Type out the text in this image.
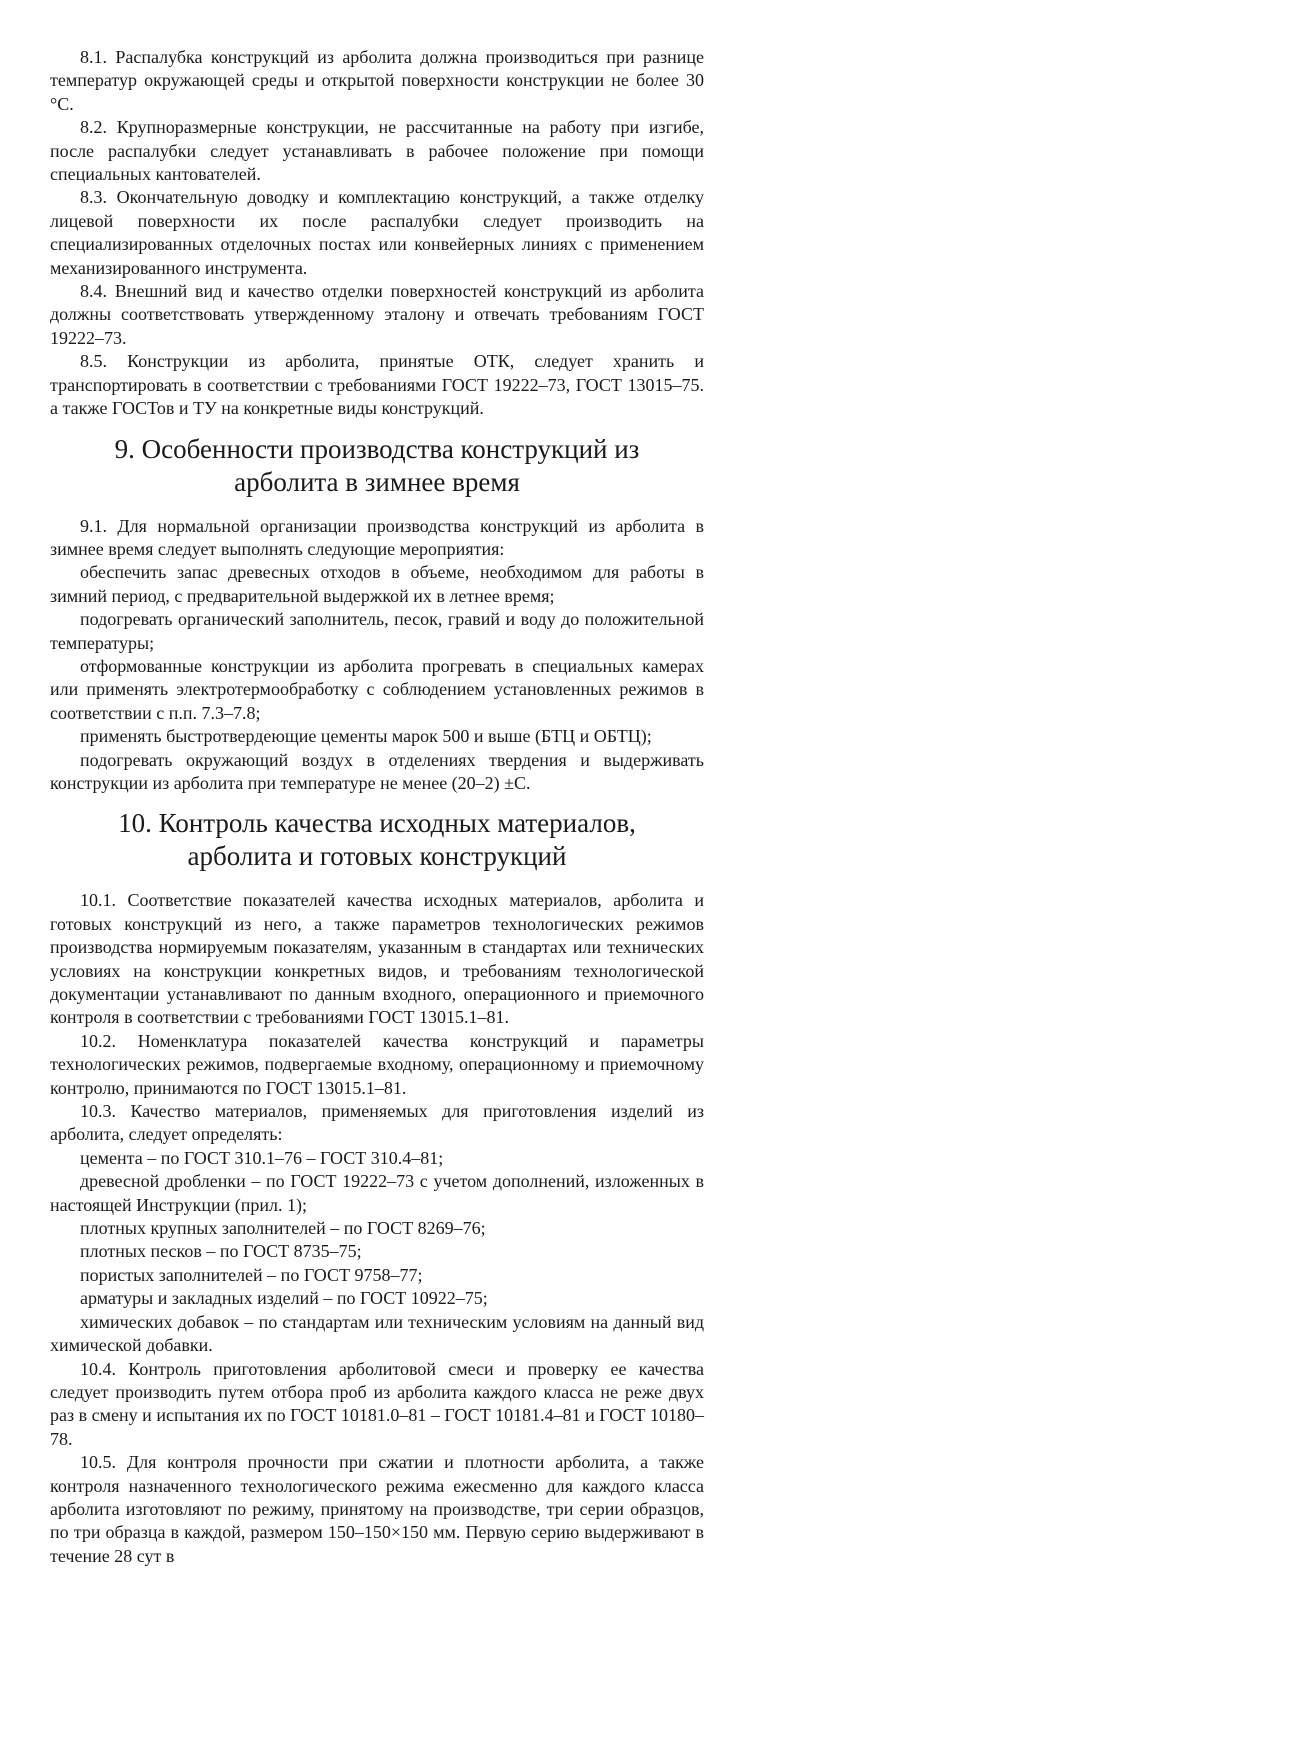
8.1. Распалубка конструкций из арболита должна производиться при разнице температур окружающей среды и открытой поверхности конструкции не более 30 °С.

8.2. Крупноразмерные конструкции, не рассчитанные на работу при изгибе, после распалубки следует устанавливать в рабочее положение при помощи специальных кантователей.

8.3. Окончательную доводку и комплектацию конструкций, а также отделку лицевой поверхности их после распалубки следует производить на специализированных отделочных постах или конвейерных линиях с применением механизированного инструмента.

8.4. Внешний вид и качество отделки поверхностей конструкций из арболита должны соответствовать утвержденному эталону и отвечать требованиям ГОСТ 19222–73.

8.5. Конструкции из арболита, принятые ОТК, следует хранить и транспортировать в соответствии с требованиями ГОСТ 19222–73, ГОСТ 13015–75. а также ГОСТов и ТУ на конкретные виды конструкций.

9. Особенности производства конструкций из
арболита в зимнее время

9.1. Для нормальной организации производства конструкций из арболита в зимнее время следует выполнять следующие мероприятия:

обеспечить запас древесных отходов в объеме, необходимом для работы в зимний период, с предварительной выдержкой их в летнее время;

подогревать органический заполнитель, песок, гравий и воду до положительной температуры;

отформованные конструкции из арболита прогревать в специальных камерах или применять электротермообработку с соблюдением установленных режимов в соответствии с п.п. 7.3–7.8;

применять быстротвердеющие цементы марок 500 и выше (БТЦ и ОБТЦ);

подогревать окружающий воздух в отделениях твердения и выдерживать конструкции из арболита при температуре не менее (20–2) ±С.

10. Контроль качества исходных материалов,
арболита и готовых конструкций

10.1. Соответствие показателей качества исходных материалов, арболита и готовых конструкций из него, а также параметров технологических режимов производства нормируемым показателям, указанным в стандартах или технических условиях на конструкции конкретных видов, и требованиям технологической документации устанавливают по данным входного, операционного и приемочного контроля в соответствии с требованиями ГОСТ 13015.1–81.

10.2. Номенклатура показателей качества конструкций и параметры технологических режимов, подвергаемые входному, операционному и приемочному контролю, принимаются по ГОСТ 13015.1–81.

10.3. Качество материалов, применяемых для приготовления изделий из арболита, следует определять:

цемента – по ГОСТ 310.1–76 – ГОСТ 310.4–81;

древесной дробленки – по ГОСТ 19222–73 с учетом дополнений, изложенных в настоящей Инструкции (прил. 1);

плотных крупных заполнителей – по ГОСТ 8269–76;

плотных песков – по ГОСТ 8735–75;

пористых заполнителей – по ГОСТ 9758–77;

арматуры и закладных изделий – по ГОСТ 10922–75;

химических добавок – по стандартам или техническим условиям на данный вид химической добавки.

10.4. Контроль приготовления арболитовой смеси и проверку ее качества следует производить путем отбора проб из арболита каждого класса не реже двух раз в смену и испытания их по ГОСТ 10181.0–81 – ГОСТ 10181.4–81 и ГОСТ 10180–78.

10.5. Для контроля прочности при сжатии и плотности арболита, а также контроля назначенного технологического режима ежесменно для каждого класса арболита изготовляют по режиму, принятому на производстве, три серии образцов, по три образца в каждой, размером 150–150×150 мм. Первую серию выдерживают в течение 28 сут в
